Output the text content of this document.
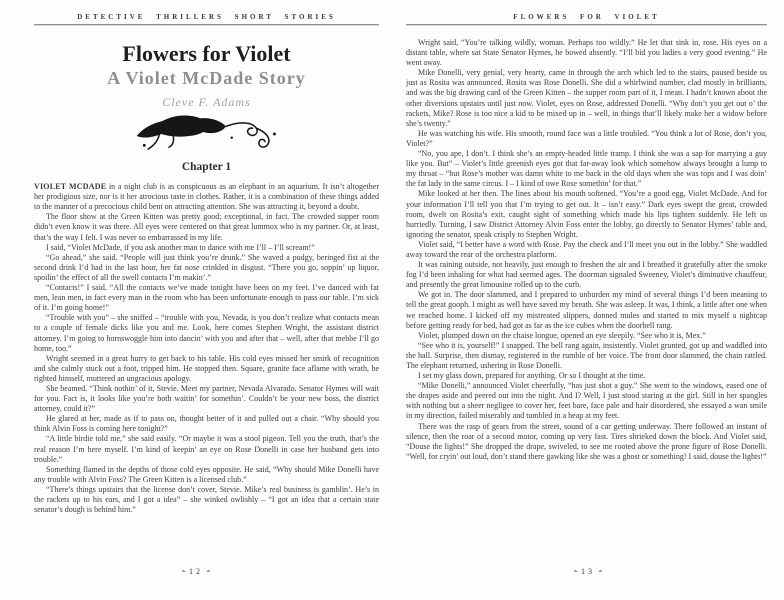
DETECTIVE THRILLERS SHORT STORIES
Flowers for Violet
A Violet McDade Story
Cleve F. Adams
Chapter 1

VIOLET MCDADE in a night club is as conspicuous as an elephant in an aquarium. It isn’t altogether her prodigious size, nor is it her atrocious taste in clothes. Rather, it is a combination of these things added to the manner of a precocious child bent on attracting attention. She was attracting it, beyond a doubt.

The floor show at the Green Kitten was pretty good; exceptional, in fact. The crowded supper room didn’t even know it was there. All eyes were centered on that great lummox who is my partner. Or, at least, that’s the way I felt. I was never so embarrassed in my life.

I said, “Violet McDade, if you ask another man to dance with me I’ll – I’ll scream!”

“Go ahead,” she said. “People will just think you’re drunk.” She waved a pudgy, beringed fist at the second drink I’d had in the last hour, her fat nose crinkled in disgust. “There you go, soppin’ up liquor, spoilin’ the effect of all the swell contacts I’m makin’.”

“Contacts!” I said. “All the contacts we’ve made tonight have been on my feet. I’ve danced with fat men, lean men, in fact every man in the room who has been unfortunate enough to pass our table. I’m sick of it. I’m going home!”

“Trouble with you” – she sniffed – “trouble with you, Nevada, is you don’t realize what contacts mean to a couple of female dicks like you and me. Look, here comes Stephen Wright, the assistant district attorney. I’m going to hornswoggle him into dancin’ with you and after that – well, after that mebbe I’ll go home, too.”

Wright seemed in a great hurry to get back to his table. His cold eyes missed her smirk of recognition and she calmly stuck out a foot, tripped him. He stopped then. Square, granite face aflame with wrath, he righted himself, muttered an ungracious apology.

She beamed. “Think nothin’ of it, Stevie. Meet my partner, Nevada Alvarado. Senator Hymes will wait for you. Fact is, it looks like you’re both waitin’ for somethin’. Couldn’t be your new boss, the district attorney, could it?”

He glared at her, made as if to pass on, thought better of it and pulled out a chair. “Why should you think Alvin Foss is coming here tonight?”

“A little birdie told me,” she said easily. “Or maybe it was a stool pigeon. Tell you the truth, that’s the real reason I’m here myself. I’m kind of keepin’ an eye on Rose Donelli in case her husband gets into trouble.”

Something flamed in the depths of those cold eyes opposite. He said, “Why should Mike Donelli have any trouble with Alvin Foss? The Green Kitten is a licensed club.”

“There’s things upstairs that the license don’t cover, Stevie. Mike’s real business is gamblin’. He’s in the rackets up to his ears, and I got a idea” – she winked owlishly – “I got an idea that a certain state senator’s dough is behind him.”

❧ 12 ❧
FLOWERS FOR VIOLET

Wright said, “You’re talking wildly, woman. Perhaps too wildly.” He let that sink in, rose. His eyes on a distant table, where sat State Senator Hymes, he bowed absently. “I’ll bid you ladies a very good evening.” He went away.

Mike Donelli, very genial, very hearty, came in through the arch which led to the stairs, paused beside us just as Rosita was announced. Rosita was Rose Donelli. She did a whirlwind number, clad mostly in brilliants, and was the big drawing card of the Green Kitten – the supper room part of it, I mean. I hadn’t known about the other diversions upstairs until just now. Violet, eyes on Rose, addressed Donelli. “Why don’t you get out o’ the rackets, Mike? Rose is too nice a kid to be mixed up in – well, in things that’ll likely make her a widow before she’s twenty.”

He was watching his wife. His smooth, round face was a little troubled. “You think a lot of Rose, don’t you, Violet?”

“No, you ape, I don’t. I think she’s an empty-headed little tramp. I think she was a sap for marrying a guy like you. But” – Violet’s little greenish eyes got that far-away look which somehow always brought a lump to my throat – “but Rose’s mother was damn white to me back in the old days when she was tops and I was doin’ the fat lady in the same circus. I – I kind of owe Rose somethin’ for that.”

Mike looked at her then. The lines about his mouth softened. “You’re a good egg, Violet McDade. And for your information I’ll tell you that I’m trying to get out. It – isn’t easy.” Dark eyes swept the great, crowded room, dwelt on Rosita’s exit, caught sight of something which made his lips tighten suddenly. He left us hurriedly. Turning, I saw District Attorney Alvin Foss enter the lobby, go directly to Senator Hymes’ table and, ignoring the senator, speak crisply to Stephen Wright.

Violet said, “I better have a word with Rose. Pay the check and I’ll meet you out in the lobby.” She waddled away toward the rear of the orchestra platform.

It was raining outside, not heavily, just enough to freshen the air and I breathed it gratefully after the smoke fog I’d been inhaling for what had seemed ages. The doorman signaled Sweeney, Violet’s diminutive chauffeur, and presently the great limousine rolled up to the curb.

We got in. The door slammed, and I prepared to unburden my mind of several things I’d been meaning to tell the great gooph. I might as well have saved my breath. She was asleep. It was, I think, a little after one when we reached home. I kicked off my mistreated slippers, donned mules and started to mix myself a nightcap before getting ready for bed, had got as far as the ice cubes when the doorbell rang.

Violet, plumped down on the chaise longue, opened an eye sleepily. “See who it is, Mex.”

“See who it is, yourself!” I snapped. The bell rang again, insistently. Violet grunted, got up and waddled into the hall. Surprise, then dismay, registered in the rumble of her voice. The front door slammed, the chain rattled. The elephant returned, ushering in Rose Donelli.

I set my glass down, prepared for anything. Or so I thought at the time.

“Mike Donelli,” announced Violet cheerfully, “has just shot a guy.” She went to the windows, eased one of the drapes aside and peered out into the night. And I? Well, I just stood staring at the girl. Still in her spangles with nothing but a sheer negligee to cover her, feet bare, face pale and hair disordered, she essayed a wan smile in my direction, failed miserably and tumbled in a heap at my feet.

There was the rasp of gears from the street, sound of a car getting underway. There followed an instant of silence, then the roar of a second motor, coming up very fast. Tires shrieked down the block. And Violet said, “Douse the lights!” She dropped the drape, swiveled, to see me rooted above the prone figure of Rose Donelli. “Well, for cryin’ out loud, don’t stand there gawking like she was a ghost or something! I said, douse the lights!”

❧ 13 ❧
